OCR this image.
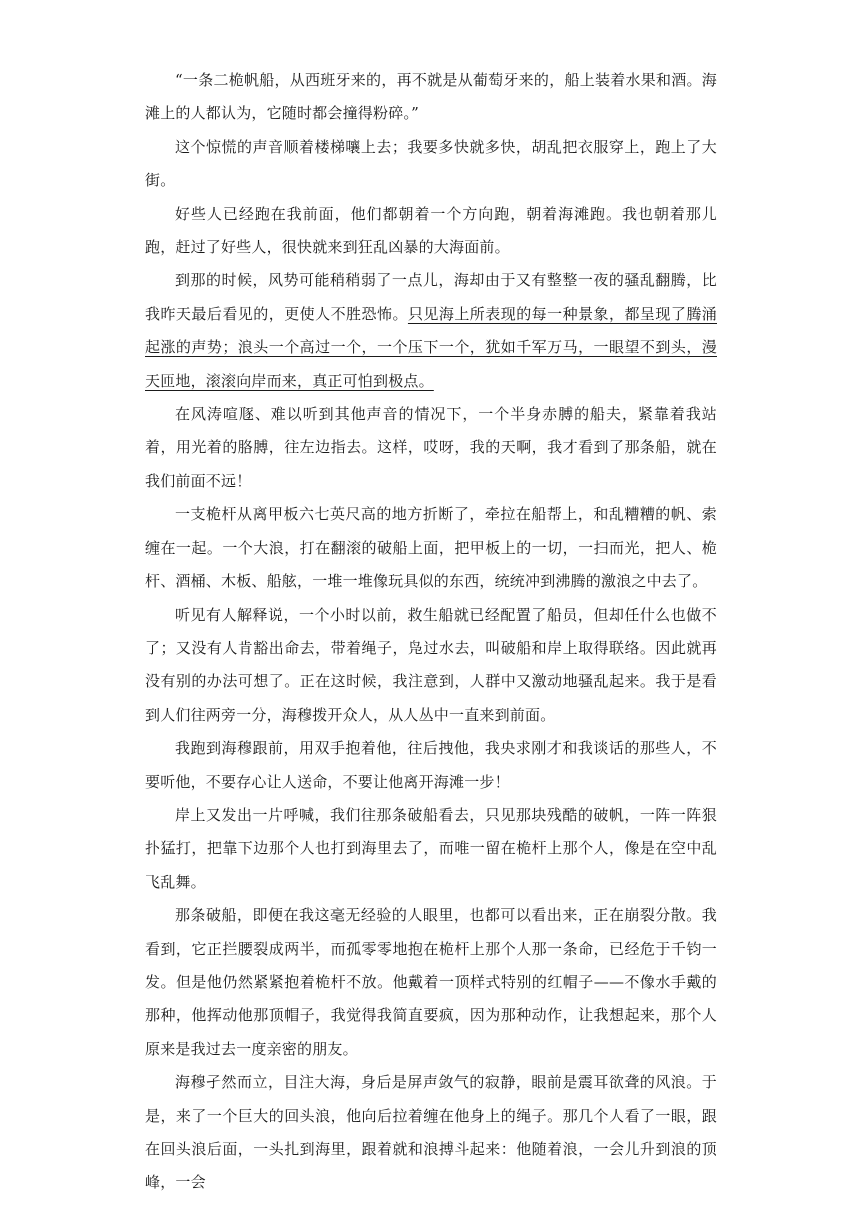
“一条二桅帆船，从西班牙来的，再不就是从葡萄牙来的，船上装着水果和酒。海滩上的人都认为，它随时都会撞得粉碎。”

这个惊慌的声音顺着楼梯嚷上去；我要多快就多快，胡乱把衣服穿上，跑上了大街。

好些人已经跑在我前面，他们都朝着一个方向跑，朝着海滩跑。我也朝着那儿跑，赶过了好些人，很快就来到狂乱凶暴的大海面前。

到那的时候，风势可能稍稍弱了一点儿，海却由于又有整整一夜的骚乱翻腾，比我昨天最后看见的，更使人不胜恐怖。只见海上所表现的每一种景象，都呈现了腾涌起涨的声势；浪头一个高过一个，一个压下一个，犹如千军万马，一眼望不到头，漫天匝地，滚滚向岸而来，真正可怕到极点。

在风涛喧豗、难以听到其他声音的情况下，一个半身赤膊的船夫，紧靠着我站着，用光着的胳膊，往左边指去。这样，哎呀，我的天啊，我才看到了那条船，就在我们前面不远！

一支桅杆从离甲板六七英尺高的地方折断了，牵拉在船帮上，和乱糟糟的帆、索缠在一起。一个大浪，打在翻滚的破船上面，把甲板上的一切，一扫而光，把人、桅杆、酒桶、木板、船舷，一堆一堆像玩具似的东西，统统冲到沸腾的激浪之中去了。

听见有人解释说，一个小时以前，救生船就已经配置了船员，但却任什么也做不了；又没有人肯豁出命去，带着绳子，凫过水去，叫破船和岸上取得联络。因此就再没有别的办法可想了。正在这时候，我注意到，人群中又激动地骚乱起来。我于是看到人们往两旁一分，海穆拨开众人，从人丛中一直来到前面。

我跑到海穆跟前，用双手抱着他，往后拽他，我央求刚才和我谈话的那些人，不要听他，不要存心让人送命，不要让他离开海滩一步！

岸上又发出一片呼喊，我们往那条破船看去，只见那块残酷的破帆，一阵一阵狠扑猛打，把靠下边那个人也打到海里去了，而唯一留在桅杆上那个人，像是在空中乱飞乱舞。

那条破船，即便在我这毫无经验的人眼里，也都可以看出来，正在崩裂分散。我看到，它正拦腰裂成两半，而孤零零地抱在桅杆上那个人那一条命，已经危于千钧一发。但是他仍然紧紧抱着桅杆不放。他戴着一顶样式特别的红帽子——不像水手戴的那种，他挥动他那顶帽子，我觉得我简直要疯，因为那种动作，让我想起来，那个人原来是我过去一度亲密的朋友。

海穆孑然而立，目注大海，身后是屏声敛气的寂静，眼前是震耳欲聋的风浪。于是，来了一个巨大的回头浪，他向后拉着缠在他身上的绳子。那几个人看了一眼，跟在回头浪后面，一头扎到海里，跟着就和浪搏斗起来：他随着浪，一会儿升到浪的顶峰，一会
